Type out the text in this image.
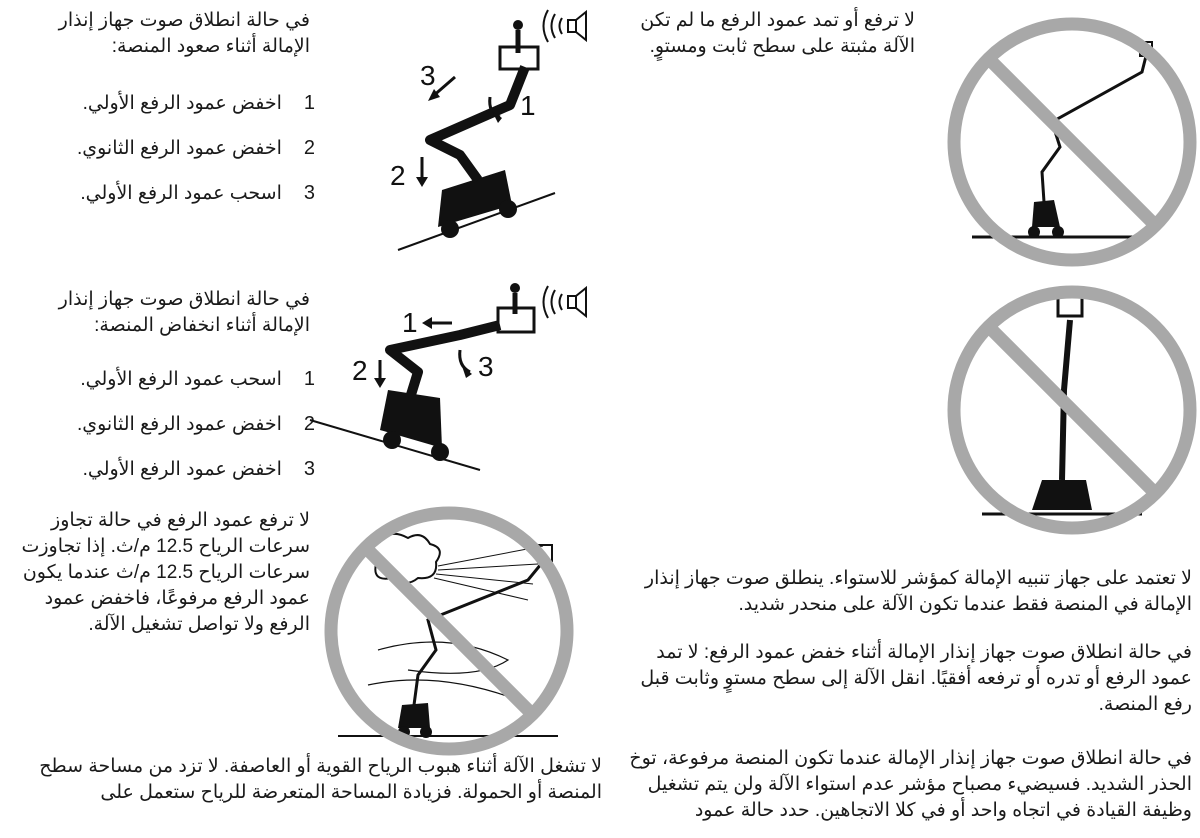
لا ترفع أو تمد عمود الرفع ما لم تكن الآلة مثبتة على سطح ثابت ومستوٍ.
لا تعتمد على جهاز تنبيه الإمالة كمؤشر للاستواء. ينطلق صوت جهاز إنذار الإمالة في المنصة فقط عندما تكون الآلة على منحدر شديد.
في حالة انطلاق صوت جهاز إنذار الإمالة أثناء خفض عمود الرفع: لا تمد عمود الرفع أو تدره أو ترفعه أفقيًا. انقل الآلة إلى سطح مستوٍ وثابت قبل رفع المنصة.
في حالة انطلاق صوت جهاز إنذار الإمالة عندما تكون المنصة مرفوعة، توخ الحذر الشديد. فسيضيء مصباح مؤشر عدم استواء الآلة ولن يتم تشغيل وظيفة القيادة في اتجاه واحد أو في كلا الاتجاهين. حدد حالة عمود
في حالة انطلاق صوت جهاز إنذار الإمالة أثناء صعود المنصة:
1
اخفض عمود الرفع الأولي.
2
اخفض عمود الرفع الثانوي.
3
اسحب عمود الرفع الأولي.
في حالة انطلاق صوت جهاز إنذار الإمالة أثناء انخفاض المنصة:
1
اسحب عمود الرفع الأولي.
2
اخفض عمود الرفع الثانوي.
3
اخفض عمود الرفع الأولي.
لا ترفع عمود الرفع في حالة تجاوز سرعات الرياح 12.5 م/ث. إذا تجاوزت سرعات الرياح 12.5 م/ث عندما يكون عمود الرفع مرفوعًا، فاخفض عمود الرفع ولا تواصل تشغيل الآلة.
لا تشغل الآلة أثناء هبوب الرياح القوية أو العاصفة. لا تزد من مساحة سطح المنصة أو الحمولة. فزيادة المساحة المتعرضة للرياح ستعمل على
3
1
2
1
2	3
